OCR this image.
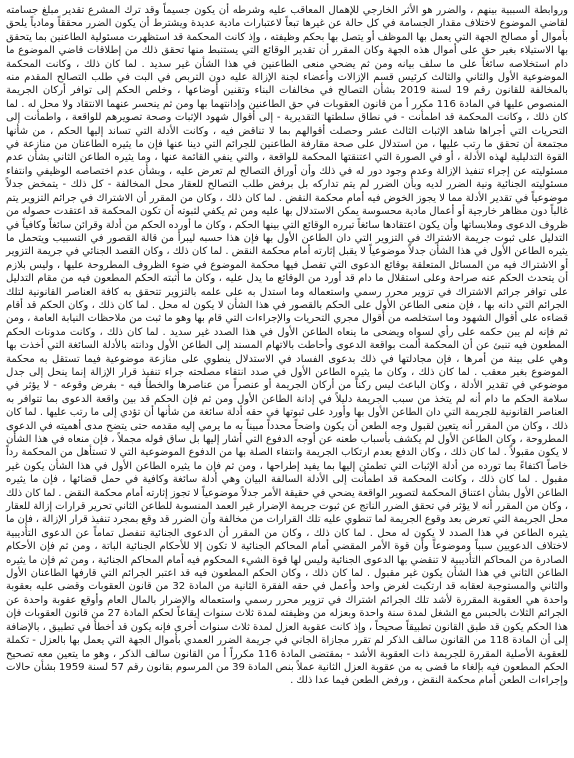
وروابطة السببية بينهم ، والضرر هو الأثر الخارجي للإهمال المعاقب عليه وشرطه أن يكون جسيماً وقد ترك المشرع تقدير مبلغ جسامته لقاضي الموضوع لاختلاف مقدار الجسامة في كل حالة عن غيرها تبعاً لاعتبارات مادية عديدة ويشترط أن يكون الضرر محققاً ومادياً يلحق بأموال أو مصالح الجهة التي يعمل بها الموظف أو يتصل بها بحكم وظيفته ، وإذ كانت المحكمة قد استظهرت مسئولية الطاعنين بما يتحقق بها الاستيلاء بغير حق على أموال هذه الجهة وكان المقرر أن تقدير الوقائع التي يستنبط منها تحقق ذلك من إطلاقات قاضي الموضوع ما دام استخلاصه سائغاً على ما سلف بيانه ومن ثم يضحي منعى الطاعنين في هذا الشأن غير سديد . لما كان ذلك ، وكانت المحكمة الموضوعية الأول والثاني والثالث كرئيس قسم الإزالات وأعضاء لجنة الإزالة عليه دون التربص في البت في طلب التصالح المقدم منه بالمخالفة للقانون رقم 19 لسنة 2019 بشأن التصالح في مخالفات البناء وتقنين أوضاعها ، وخلص الحكم إلى توافر أركان الجريمة المنصوص عليها في المادة 116 مكرر أ من قانون العقوبات في حق الطاعنين وإدانتهما بها ومن ثم ينحسر عنهما الانتقاد ولا محل له . لما كان ذلك ، وكانت المحكمة قد اطمأنت - في نطاق سلطتها التقديرية - إلى أقوال شهود الإثبات وصحة تصويرهم للواقعة ، واطمأنت إلى التحريات التي أجراها شاهد الإثبات الثالث عشر وحصلت أقوالهم بما لا تناقض فيه ، وكانت الأدلة التي تساند إليها الحكم ، من شأنها مجتمعة أن تحقق ما رتب عليها ، من استدلال على صحة مقارفة الطاعنين للجرائم التي دينا عنها فإن ما يثيره الطاعنان من منازعة في القوة التدليلية لهذه الأدلة ، أو في الصورة التي اعتنقتها المحكمة للواقعة ، والتي ينفي القائمة عنها ، وما يثيره الطاعن الثاني بشأن عدم مسئوليته عن إجراء تنفيذ الإزالة وعدم وجود دور له في ذلك وأن أوراق التصالح لم تعرض عليه ، وبشأن عدم اختصاصه الوظيفي وانتفاء مسئوليته الجنائية ونية الضرر لديه وبأن الضرر لم يتم تداركه بل برفض طلب التصالح للعقار محل المخالفة - كل ذلك - يتمخض جدلاً موضوعياً في تقدير الأدلة مما لا يجوز الخوض فيه أمام محكمة النقض . لما كان ذلك ، وكان من المقرر أن الاشتراك في جرائم التزوير يتم غالباً دون مظاهر خارجية أو أعمال مادية محسوسة يمكن الاستدلال بها عليه ومن ثم يكفي لثبوته أن تكون المحكمة قد اعتقدت حصوله من ظروف الدعوى وملابساتها وأن يكون اعتقادها سائغاً تبرره الوقائع التي بينها الحكم ، وكان ما أورده الحكم من أدلة وقرائن سائغاً وكافياً في التدليل على ثبوت جريمة الاشتراك في التزوير التي دان الطاعن الأول بها فإن هذا حسبه ليبرأ من قالة القصور في التسبيب ويتحمل ما يثيره الطاعن الأول في هذا الشأن جدلاً موضوعياً لا يقبل إثارته أمام محكمة النقض . لما كان ذلك ، وكان القصد الجنائي في جريمة التزوير أو الاشتراك فيه من المسائل المتعلقة بوقائع الدعوى التي تفصل فيها محكمة الموضوع في ضوء الظروف المطروحة عليها ، وليس بلازم أن يتحدث الحكم عنه صراحة وعلى استقلال ما دام قد أورد من الوقائع ما يدل عليه ، وكان ما أثبته الحكم المطعون فيه من مقام التدليل على توافر جرائم الاشتراك في تزوير محرر رسمي واستعماله وما استدل به على علمه بالتزوير تتحقق به كافة العناصر القانونية لتلك الجرائم التي دانه بها ، فإن منعى الطاعن الأول على الحكم بالقصور في هذا الشأن لا يكون له محل . لما كان ذلك ، وكان الحكم قد أقام قضاءه على أقوال الشهود وما استخلصه من أقوال مجري التحريات والإجراءات التي قام بها وهو ما ثبت من ملاحظات النيابة العامة ، ومن ثم فإنه لم يبن حكمه على رأي لسواه ويضحى ما ينعاه الطاعن الأول في هذا الصدد غير سديد . لما كان ذلك ، وكانت مدونات الحكم المطعون فيه تنبئ عن أن المحكمة ألمت بواقعة الدعوى وأحاطت بالاتهام المسند إلى الطاعن الأول ودانته بالأدلة السائغة التي أخذت بها وهي على بينة من أمرها ، فإن مجادلتها في ذلك بدعوى الفساد في الاستدلال ينطوي على منازعة موضوعية فيما تستقل به محكمة الموضوع بغير معقب . لما كان ذلك ، وكان ما يثيره الطاعن الأول في صدد انتفاء مصلحته جراء تنفيذ قرار الإزالة إنما ينحل إلى جدل موضوعي في تقدير الأدلة ، وكان الباعث ليس ركناً من أركان الجريمة أو عنصراً من عناصرها والخطأ فيه - بفرض وقوعه - لا يؤثر في سلامة الحكم ما دام أنه لم يتخذ من سبب الجريمة دليلاً في إدانة الطاعن الأول ومن ثم فإن الحكم قد بين واقعة الدعوى بما تتوافر به العناصر القانونية للجريمة التي دان الطاعن الأول بها وأورد على ثبوتها في حقه أدلة سائغة من شأنها أن تؤدي إلى ما رتب عليها . لما كان ذلك ، وكان من المقرر أنه يتعين لقبول وجه الطعن أن يكون واضحاً محدداً مبيناً به ما يرمي إليه مقدمه حتى يتضح مدى أهميته في الدعوى المطروحة ، وكان الطاعن الأول لم يكشف بأسباب طعنه عن أوجه الدفوع التي أشار إليها بل ساق قوله مجملاً ، فإن منعاه في هذا الشأن لا يكون مقبولاً . لما كان ذلك ، وكان الدفع بعدم ارتكاب الجريمة وانتفاء الصلة بها من الدفوع الموضوعية التي لا تستأهل من المحكمة رداً خاصاً اكتفاءً بما تورده من أدلة الإثبات التي تطمئن إليها بما يفيد إطراحها ، ومن ثم فإن ما يثيره الطاعن الأول في هذا الشأن يكون غير مقبول . لما كان ذلك ، وكانت المحكمة قد اطمأنت إلى الأدلة السالفة البيان وهي أدلة سائغة وكافية في حمل قضائها ، فإن ما يثيره الطاعن الأول بشأن اعتناق المحكمة لتصوير الواقعة يضحي في حقيقة الأمر جدلاً موضوعياً لا تجوز إثارته أمام محكمة النقض . لما كان ذلك ، وكان من المقرر أنه لا يؤثر في تحقق الضرر الناتج عن ثبوت جريمة الإضرار غير العمد المنسوبة للطاعن الثاني تحرير قرارات إزالة للعقار محل الجريمة التي تعرض بعد وقوع الجريمة لما تنطوي عليه تلك القرارات من مخالفة وأن الضرر قد وقع بمجرد تنفيذ قرار الإزالة ، فإن ما يثيره الطاعن في هذا الصدد لا يكون له محل . لما كان ذلك ، وكان من المقرر أن الدعوى الجنائية تنفصل تماماً عن الدعوى التأديبية لاختلاف الدعويين سبباً وموضوعاً وأن قوة الأمر المقضي أمام المحاكم الجنائية لا تكون إلا للأحكام الجنائية الباتة ، ومن ثم فإن الأحكام الصادرة من المحاكم التأديبية لا تنقضي بها الدعوى الجنائية وليس لها قوة الشيء المحكوم فيه أمام المحاكم الجنائية ، ومن ثم فإن ما يثيره الطاعن الثاني في هذا الشأن يكون غير مقبول . لما كان ذلك ، وكان الحكم المطعون فيه قد اعتبر الجرائم التي قارفها الطاعنان الأول والثاني والمستوجبة لعقابه قد ارتكبت لغرض واحد وأعمل في حقه الفقرة الثانية من المادة 32 من قانون العقوبات وقضى عليه بعقوبة واحدة هي العقوبة المقررة لأشد تلك الجرائم اشتراك في تزوير محرر رسمي واستعماله والإضرار بالمال العام وأوقع عقوبة واحدة عن الجرائم الثلاث بالحبس مع الشغل لمدة سنة واحدة وبعزله من وظيفته لمدة ثلاث سنوات إيقاعاً لحكم المادة 27 من قانون العقوبات فإن هذا الحكم يكون قد طبق القانون تطبيقاً صحيحاً ، وإذ كانت عقوبة العزل لمدة ثلاث سنوات أخرى فإنه يكون قد أخطأ في تطبيق ، بالإضافة إلى أن المادة 118 من القانون سالف الذكر لم تقرر مجازاة الجاني في جريمة الضرر العمدي بأموال الجهة التي يعمل بها بالعزل - تكملة للعقوبة الأصلية المقررة للجريمة ذات العقوبة الأشد - بمقتضى المادة 116 مكرراً أ من القانون سالف الذكر ، وهو ما يتعين معه تصحيح الحكم المطعون فيه بإلغاء ما قضى به من عقوبة العزل الثانية عملاً بنص المادة 39 من المرسوم بقانون رقم 57 لسنة 1959 بشأن حالات وإجراءات الطعن أمام محكمة النقض ، ورفض الطعن فيما عدا ذلك .
